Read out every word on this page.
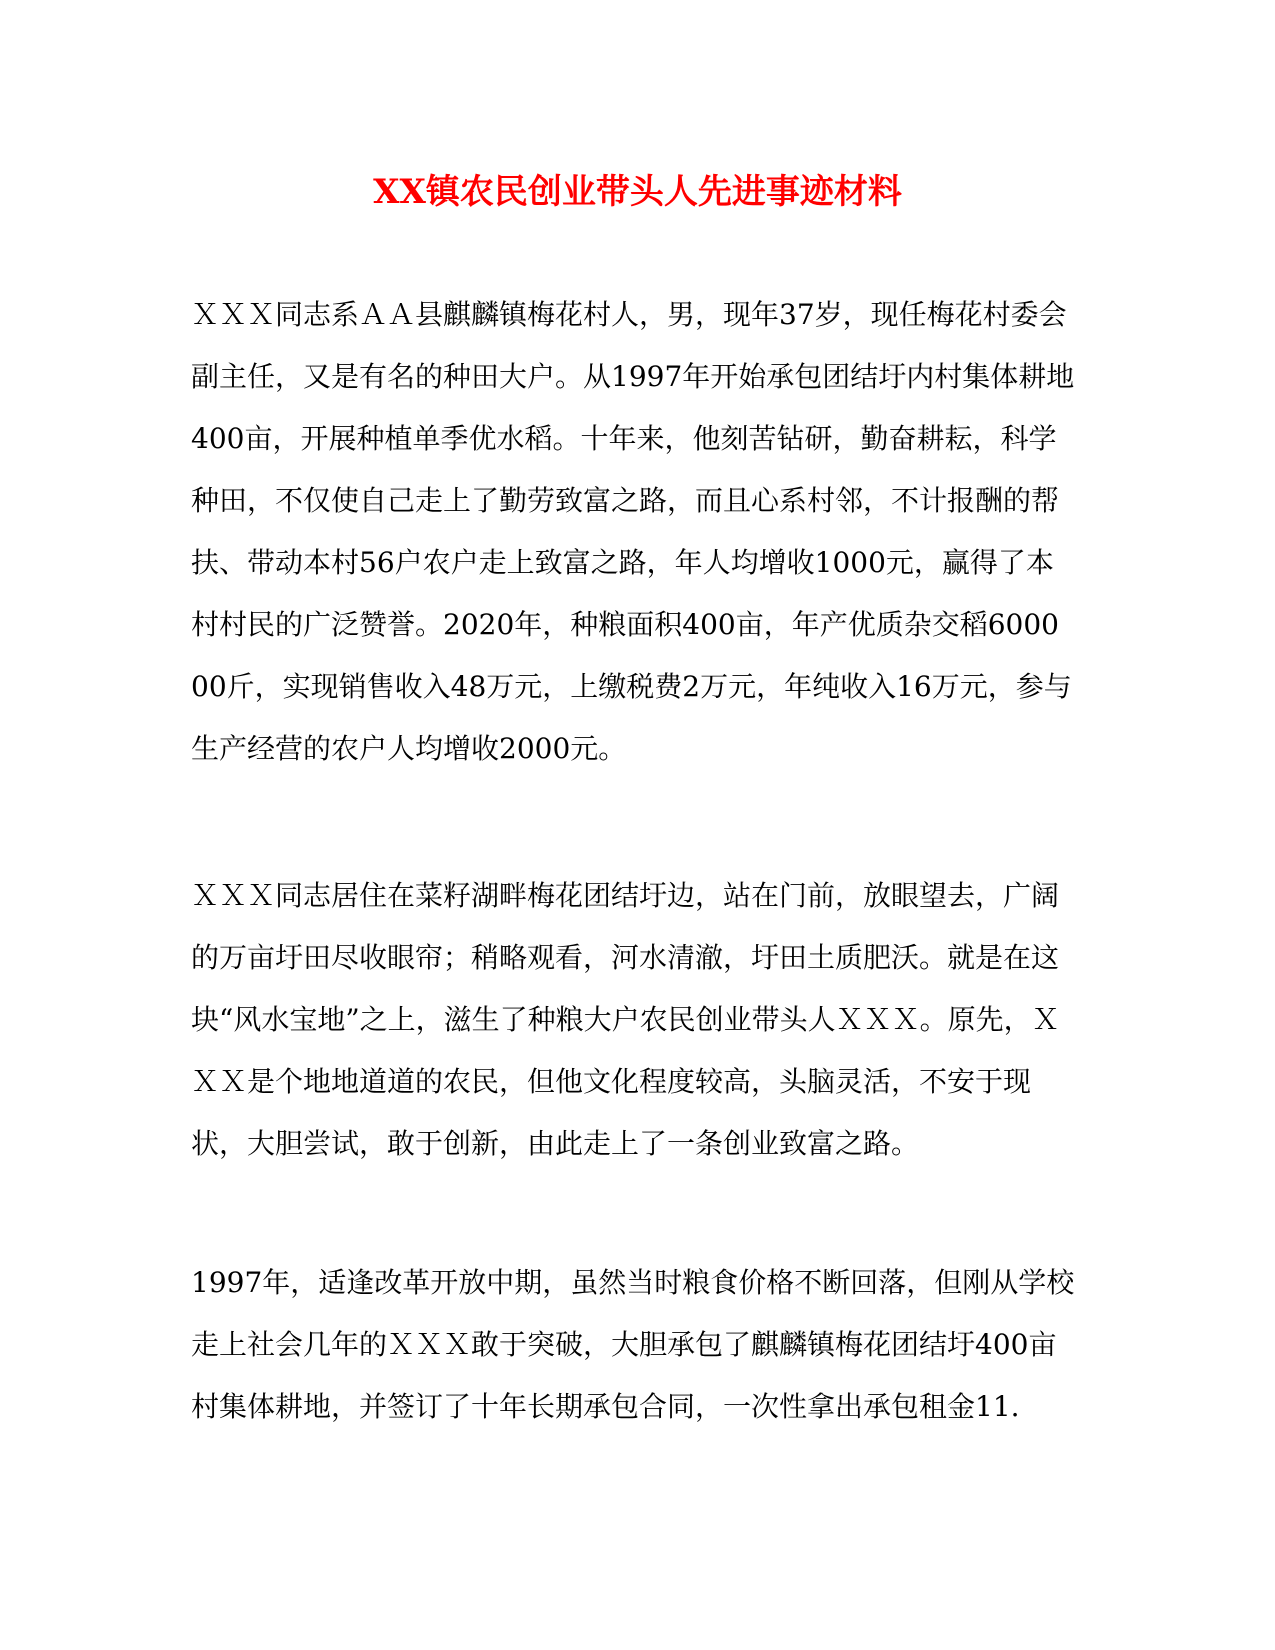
XX镇农民创业带头人先进事迹材料

ＸＸＸ同志系ＡＡ县麒麟镇梅花村人，男，现年37岁，现任梅花村委会副主任，又是有名的种田大户。从1997年开始承包团结圩内村集体耕地400亩，开展种植单季优水稻。十年来，他刻苦钻研，勤奋耕耘，科学种田，不仅使自己走上了勤劳致富之路，而且心系村邻，不计报酬的帮扶、带动本村56户农户走上致富之路，年人均增收1000元，赢得了本村村民的广泛赞誉。2020年，种粮面积400亩，年产优质杂交稻600000斤，实现销售收入48万元，上缴税费2万元，年纯收入16万元，参与生产经营的农户人均增收2000元。

ＸＸＸ同志居住在菜籽湖畔梅花团结圩边，站在门前，放眼望去，广阔的万亩圩田尽收眼帘；稍略观看，河水清澈，圩田土质肥沃。就是在这块“风水宝地”之上，滋生了种粮大户农民创业带头人ＸＸＸ。原先，ＸＸＸ是个地地道道的农民，但他文化程度较高，头脑灵活，不安于现状，大胆尝试，敢于创新，由此走上了一条创业致富之路。

1997年，适逢改革开放中期，虽然当时粮食价格不断回落，但刚从学校走上社会几年的ＸＸＸ敢于突破，大胆承包了麒麟镇梅花团结圩400亩村集体耕地，并签订了十年长期承包合同，一次性拿出承包租金11.
